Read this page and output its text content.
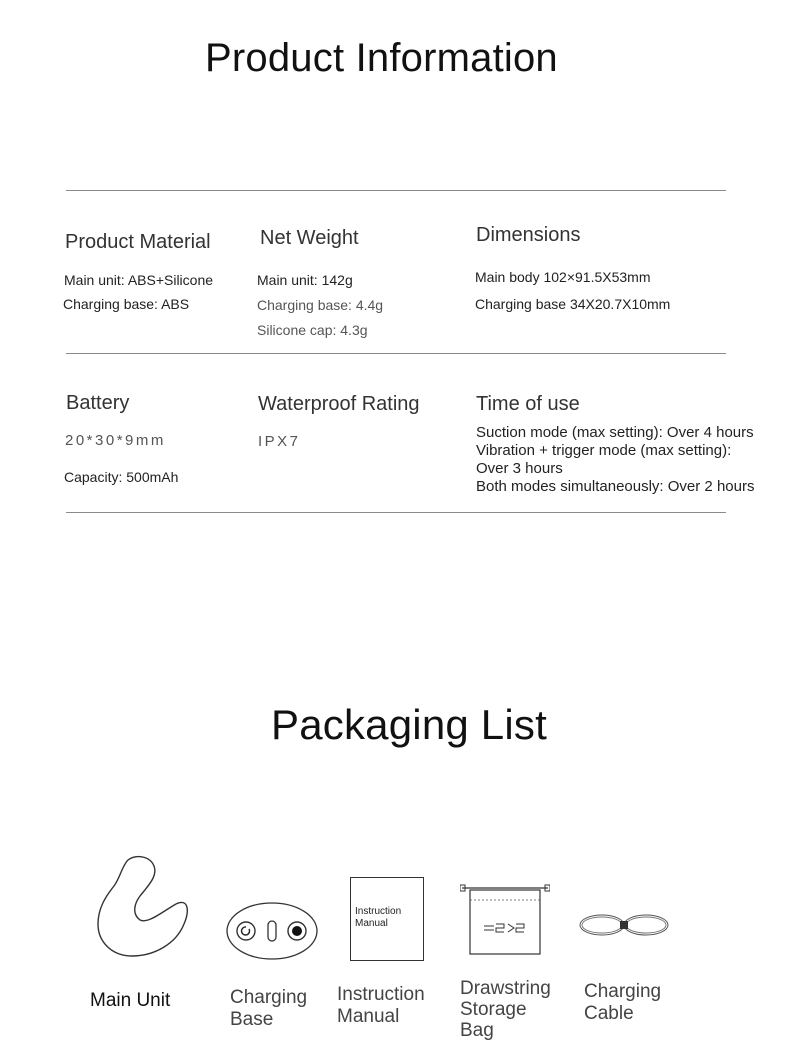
Product Information
Product Material
Main unit: ABS+Silicone
Charging base: ABS
Net Weight
Main unit: 142g
Charging base: 4.4g
Silicone cap: 4.3g
Dimensions
Main body 102×91.5X53mm
Charging base 34X20.7X10mm
Battery
20*30*9mm
Capacity: 500mAh
Waterproof Rating
IPX7
Time of use
Suction mode (max setting): Over 4 hours
Vibration + trigger mode (max setting): Over 3 hours
Both modes simultaneously: Over 2 hours
Packaging List
Instruction Manual
Main Unit	Charging Base
Instruction Manual
Drawstring Storage Bag
Charging Cable
